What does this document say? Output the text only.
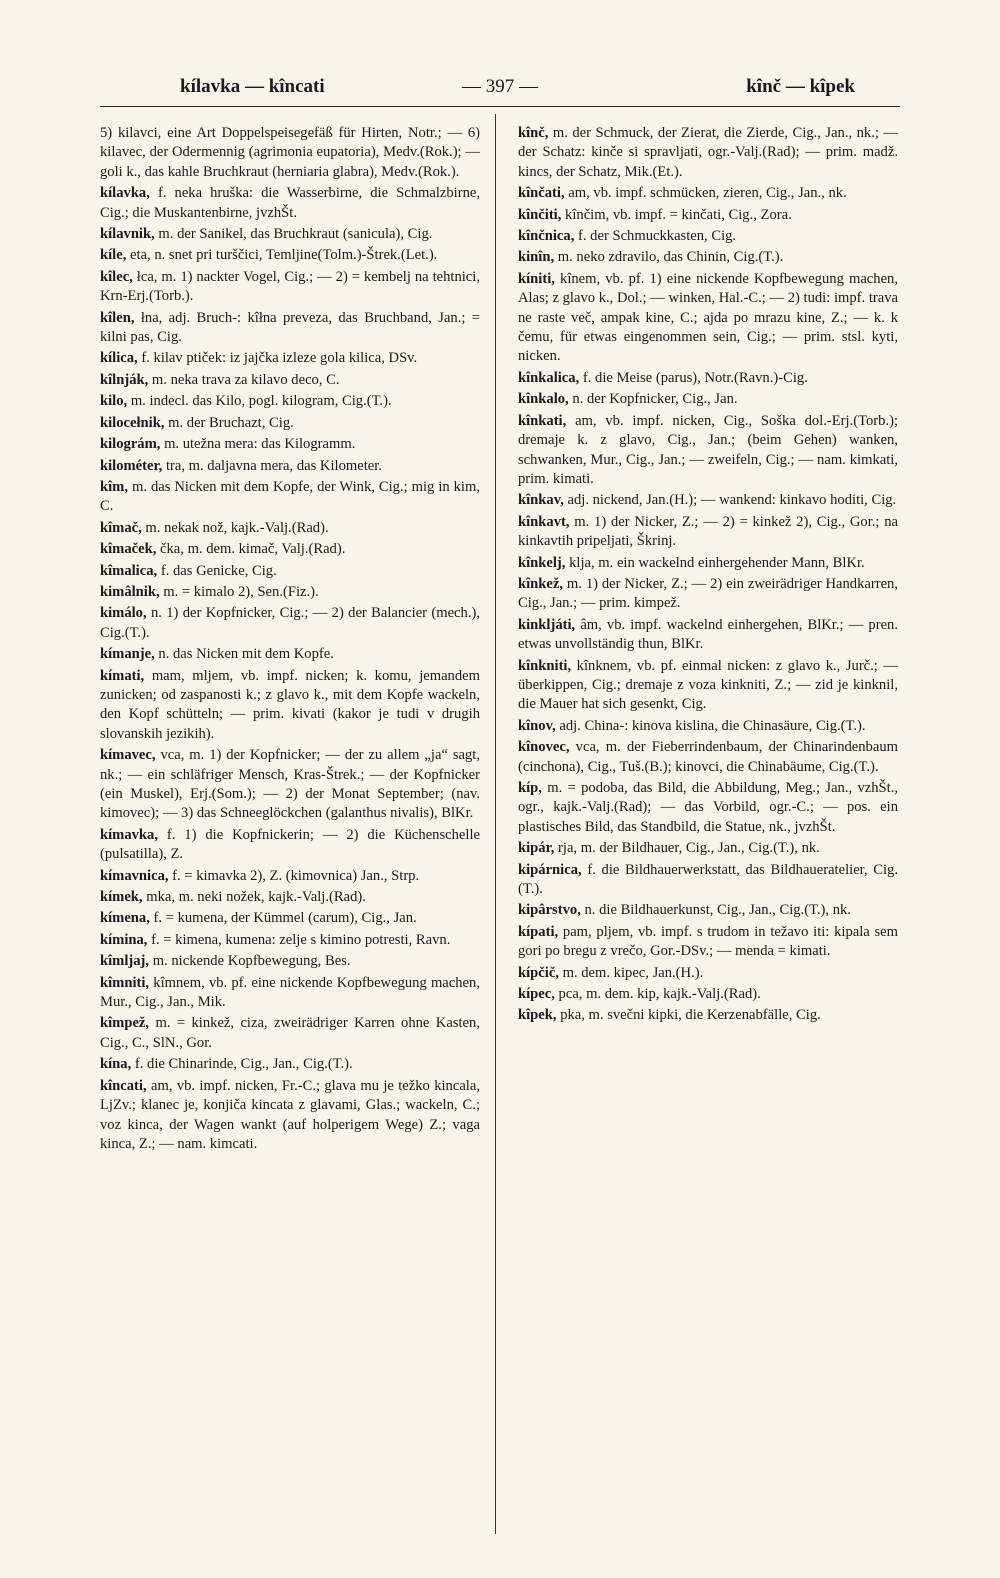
kílavka — kîncati	— 397 —	kînč — kîpek

5) kilavci, eine Art Doppelspeisegefäß für Hirten, Notr.; — 6) kilavec, der Odermennig (agrimonia eupatoria), Medv.(Rok.); — goli k., das kahle Bruchkraut (herniaria glabra), Medv.(Rok.).

kílavka, f. neka hruška: die Wasserbirne, die Schmalzbirne, Cig.; die Muskantenbirne, jvzhŠt.

kílavnik, m. der Sanikel, das Bruchkraut (sanicula), Cig.

kíle, eta, n. snet pri turščici, Temljine(Tolm.)-Štrek.(Let.).

kîlec, łca, m. 1) nackter Vogel, Cig.; — 2) = kembelj na tehtnici, Krn-Erj.(Torb.).

kîlen, łna, adj. Bruch-: kîłna preveza, das Bruchband, Jan.; = kilni pas, Cig.

kílica, f. kilav ptiček: iz jajčka izleze gola kilica, DSv.

kîlnják, m. neka trava za kilavo deco, C.

kilo, m. indecl. das Kilo, pogl. kilogram, Cig.(T.).

kilocełnik, m. der Bruchazt, Cig.

kilográm, m. utežna mera: das Kilogramm.

kilométer, tra, m. daljavna mera, das Kilometer.

kîm, m. das Nicken mit dem Kopfe, der Wink, Cig.; mig in kim, C.

kîmač, m. nekak nož, kajk.-Valj.(Rad).

kîmaček, čka, m. dem. kimač, Valj.(Rad).

kîmalica, f. das Genicke, Cig.

kimâlnik, m. = kimalo 2), Sen.(Fiz.).

kimálo, n. 1) der Kopfnicker, Cig.; — 2) der Balancier (mech.), Cig.(T.).

kímanje, n. das Nicken mit dem Kopfe.

kímati, mam, mljem, vb. impf. nicken; k. komu, jemandem zunicken; od zaspanosti k.; z glavo k., mit dem Kopfe wackeln, den Kopf schütteln; — prim. kivati (kakor je tudi v drugih slovanskih jezikih).

kímavec, vca, m. 1) der Kopfnicker; — der zu allem „ja“ sagt, nk.; — ein schläfriger Mensch, Kras-Štrek.; — der Kopfnicker (ein Muskel), Erj.(Som.); — 2) der Monat September; (nav. kimovec); — 3) das Schneeglöckchen (galanthus nivalis), BlKr.

kímavka, f. 1) die Kopfnickerin; — 2) die Küchenschelle (pulsatilla), Z.

kímavnica, f. = kimavka 2), Z. (kimovnica) Jan., Strp.

kímek, mka, m. neki nožek, kajk.-Valj.(Rad).

kímena, f. = kumena, der Kümmel (carum), Cig., Jan.

kímina, f. = kimena, kumena: zelje s kimino potresti, Ravn.

kîmljaj, m. nickende Kopfbewegung, Bes.

kîmniti, kîmnem, vb. pf. eine nickende Kopfbewegung machen, Mur., Cig., Jan., Mik.

kîmpež, m. = kinkež, ciza, zweirädriger Karren ohne Kasten, Cig., C., SlN., Gor.

kína, f. die Chinarinde, Cig., Jan., Cig.(T.).

kîncati, am, vb. impf. nicken, Fr.-C.; glava mu je težko kincala, LjZv.; klanec je, konjiča kincata z glavami, Glas.; wackeln, C.; voz kinca, der Wagen wankt (auf holperigem Wege) Z.; vaga kinca, Z.; — nam. kimcati.

kînč, m. der Schmuck, der Zierat, die Zierde, Cig., Jan., nk.; — der Schatz: kinče si spravljati, ogr.-Valj.(Rad); — prim. madž. kincs, der Schatz, Mik.(Et.).

kînčati, am, vb. impf. schmücken, zieren, Cig., Jan., nk.

kînčiti, kînčim, vb. impf. = kinčati, Cig., Zora.

kînčnica, f. der Schmuckkasten, Cig.

kinîn, m. neko zdravilo, das Chinin, Cig.(T.).

kíniti, kînem, vb. pf. 1) eine nickende Kopfbewegung machen, Alas; z glavo k., Dol.; — winken, Hal.-C.; — 2) tudi: impf. trava ne raste več, ampak kine, C.; ajda po mrazu kine, Z.; — k. k čemu, für etwas eingenommen sein, Cig.; — prim. stsl. kyti, nicken.

kînkalica, f. die Meise (parus), Notr.(Ravn.)-Cig.

kînkalo, n. der Kopfnicker, Cig., Jan.

kînkati, am, vb. impf. nicken, Cig., Soška dol.-Erj.(Torb.); dremaje k. z glavo, Cig., Jan.; (beim Gehen) wanken, schwanken, Mur., Cig., Jan.; — zweifeln, Cig.; — nam. kimkati, prim. kimati.

kînkav, adj. nickend, Jan.(H.); — wankend: kinkavo hoditi, Cig.

kînkavt, m. 1) der Nicker, Z.; — 2) = kinkež 2), Cig., Gor.; na kinkavtih pripeljati, Škrinj.

kînkelj, klja, m. ein wackelnd einhergehender Mann, BlKr.

kînkež, m. 1) der Nicker, Z.; — 2) ein zweirädriger Handkarren, Cig., Jan.; — prim. kimpež.

kinkljáti, âm, vb. impf. wackelnd einhergehen, BlKr.; — pren. etwas unvollständig thun, BlKr.

kînkniti, kînknem, vb. pf. einmal nicken: z glavo k., Jurč.; — überkippen, Cig.; dremaje z voza kinkniti, Z.; — zid je kinknil, die Mauer hat sich gesenkt, Cig.

kînov, adj. China-: kinova kislina, die Chinasäure, Cig.(T.).

kînovec, vca, m. der Fieberrindenbaum, der Chinarindenbaum (cinchona), Cig., Tuš.(B.); kinovci, die Chinabäume, Cig.(T.).

kíp, m. = podoba, das Bild, die Abbildung, Meg.; Jan., vzhŠt., ogr., kajk.-Valj.(Rad); — das Vorbild, ogr.-C.; — pos. ein plastisches Bild, das Standbild, die Statue, nk., jvzhŠt.

kipár, rja, m. der Bildhauer, Cig., Jan., Cig.(T.), nk.

kipárnica, f. die Bildhauerwerkstatt, das Bildhaueratelier, Cig.(T.).

kipârstvo, n. die Bildhauerkunst, Cig., Jan., Cig.(T.), nk.

kípati, pam, pljem, vb. impf. s trudom in težavo iti: kipala sem gori po bregu z vrečo, Gor.-DSv.; — menda = kimati.

kípčič, m. dem. kipec, Jan.(H.).

kípec, pca, m. dem. kip, kajk.-Valj.(Rad).

kîpek, pka, m. svečni kipki, die Kerzenabfälle, Cig.
